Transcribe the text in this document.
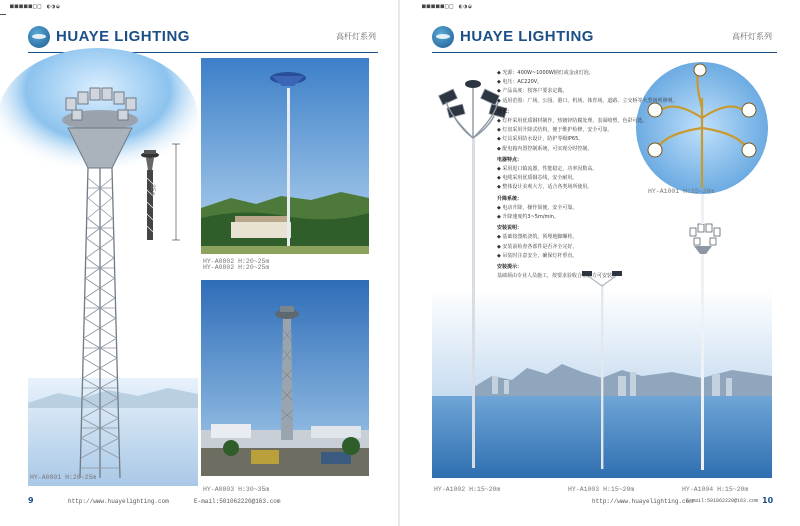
■■■■■□□ ◐◑◒
HUAYE LIGHTING	高杆灯系列
35m
HY-A0801 H:20~25m
HY-A0802 H:20~25m
HY-A0802 H:20~25m
HY-A0803 H:30~35m
9	http://www.huayelighting.com	E-mail:501062220@163.com
■■■■■□□ ◐◑◒
HUAYE LIGHTING	高杆灯系列

◆ 光源：400W~1000W钠灯或金卤灯泡。

◆ 电压：AC220V。

◆ 产品高度：按客户要求定做。

◆ 适用范围：广场、公园、港口、机场、体育场、道路、立交桥等大型场所照明。

技术：

◆ 灯杆采用优质钢材制作，热镀锌防腐处理，表面喷塑，色彩可选。

◆ 灯盘采用升降式结构，便于维护检修，安全可靠。

◆ 灯具采用防水设计，防护等级IP65。

◆ 配电箱内置控制系统，可实现分时控制。

电器特点：

◆ 采用进口镇流器，性能稳定，功率因数高。

◆ 电缆采用优质铜芯线，安全耐用。

◆ 整体设计美观大方，适合各类场所使用。

升降系统：

◆ 电动升降，操作简便，安全可靠。

◆ 升降速度约3~5m/min。

安装说明：

◆ 基础按图纸浇筑，预埋地脚螺栓。

◆ 安装前检查各部件是否齐全完好。

◆ 吊装时注意安全，确保灯杆垂直。

安装提示：

基础须由专业人员施工，按要求验收合格后方可安装。

HY-A1001 H:15~20m
HY-A1002 H:15~20m	HY-A1003 H:15~20m	HY-A1004 H:15~20m
http://www.huayelighting.com
E-mail:501062220@163.com 10
